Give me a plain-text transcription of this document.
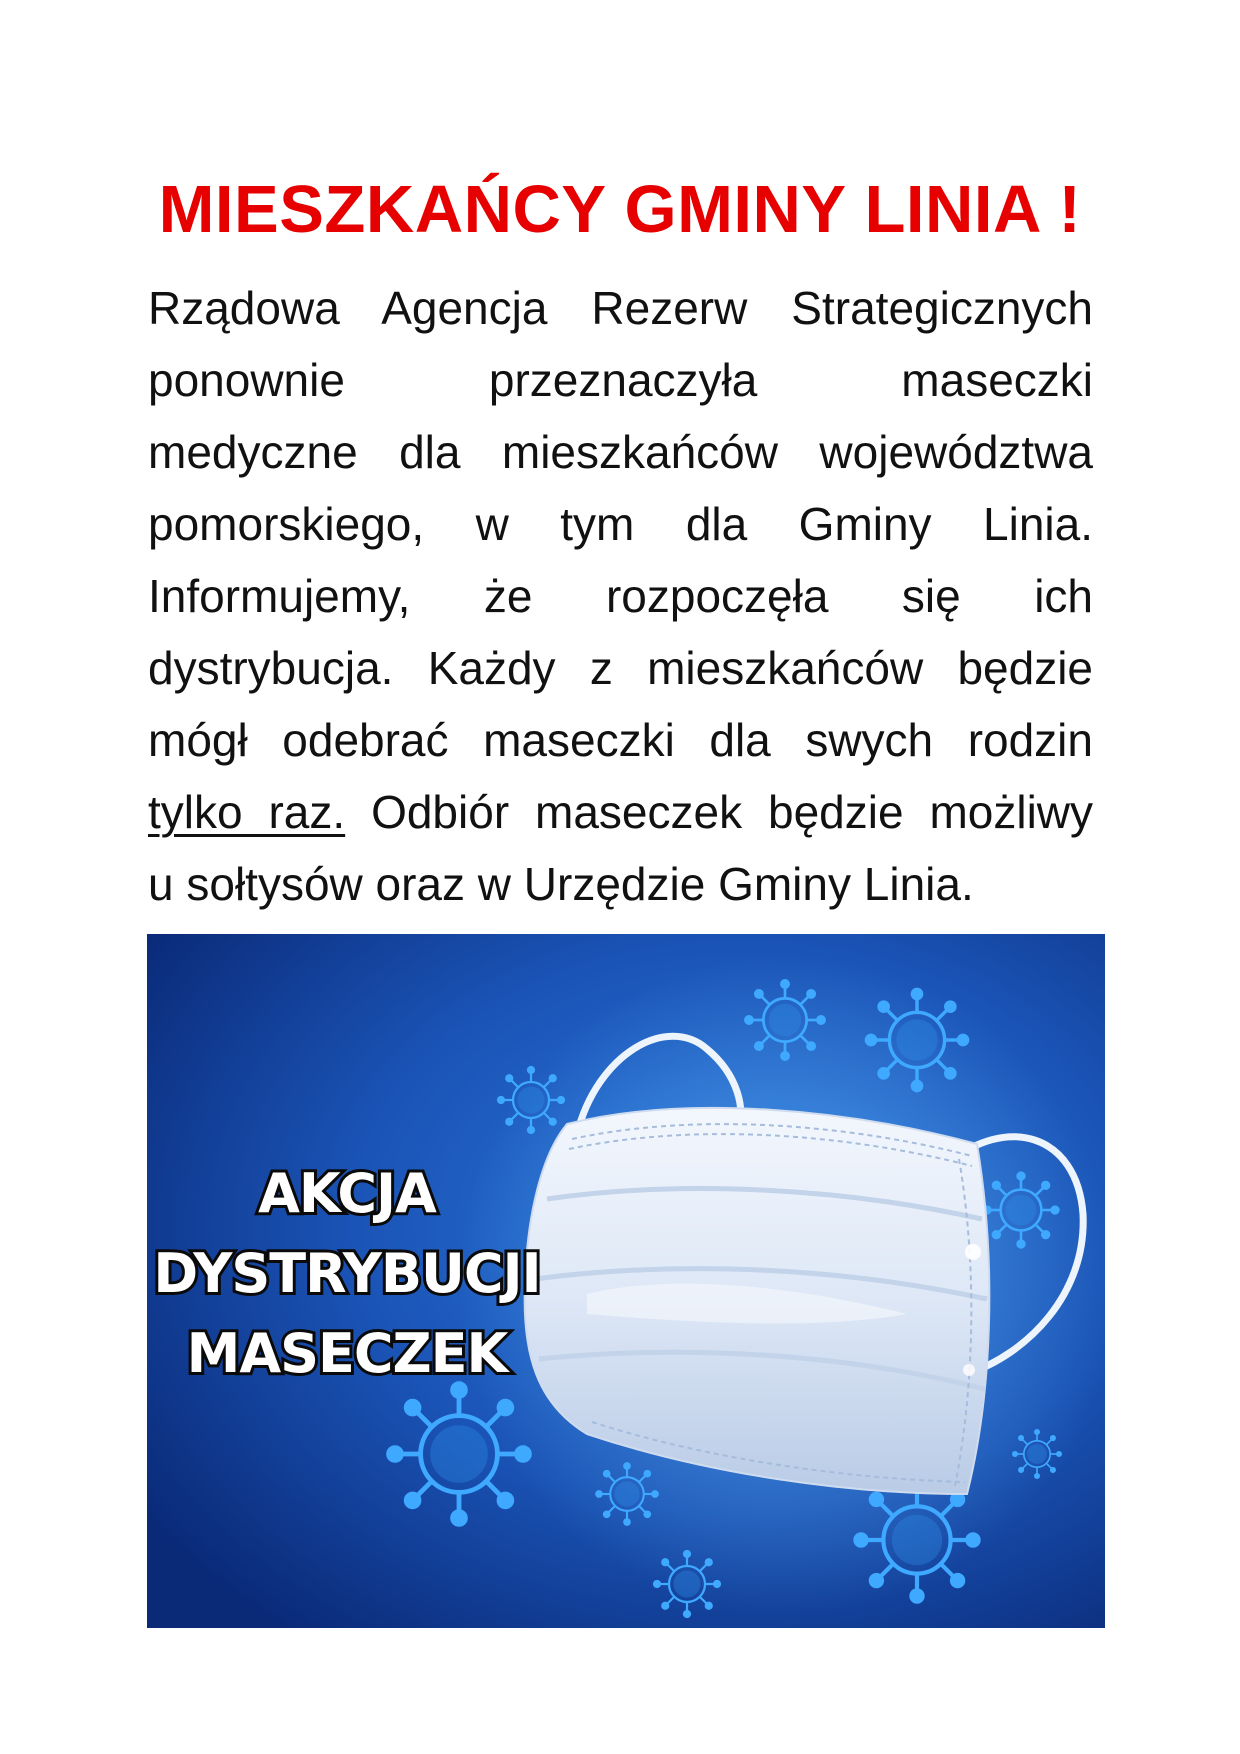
MIESZKAŃCY GMINY LINIA !

Rządowa Agencja Rezerw Strategicznych
ponownie przeznaczyła maseczki
medyczne dla mieszkańców województwa
pomorskiego, w tym dla Gminy Linia.
Informujemy, że rozpoczęła się ich
dystrybucja. Każdy z mieszkańców będzie
mógł odebrać maseczki dla swych rodzin
tylko raz. Odbiór maseczek będzie możliwy
u sołtysów oraz w Urzędzie Gminy Linia.

AKCJA
DYSTRYBUCJI
MASECZEK
